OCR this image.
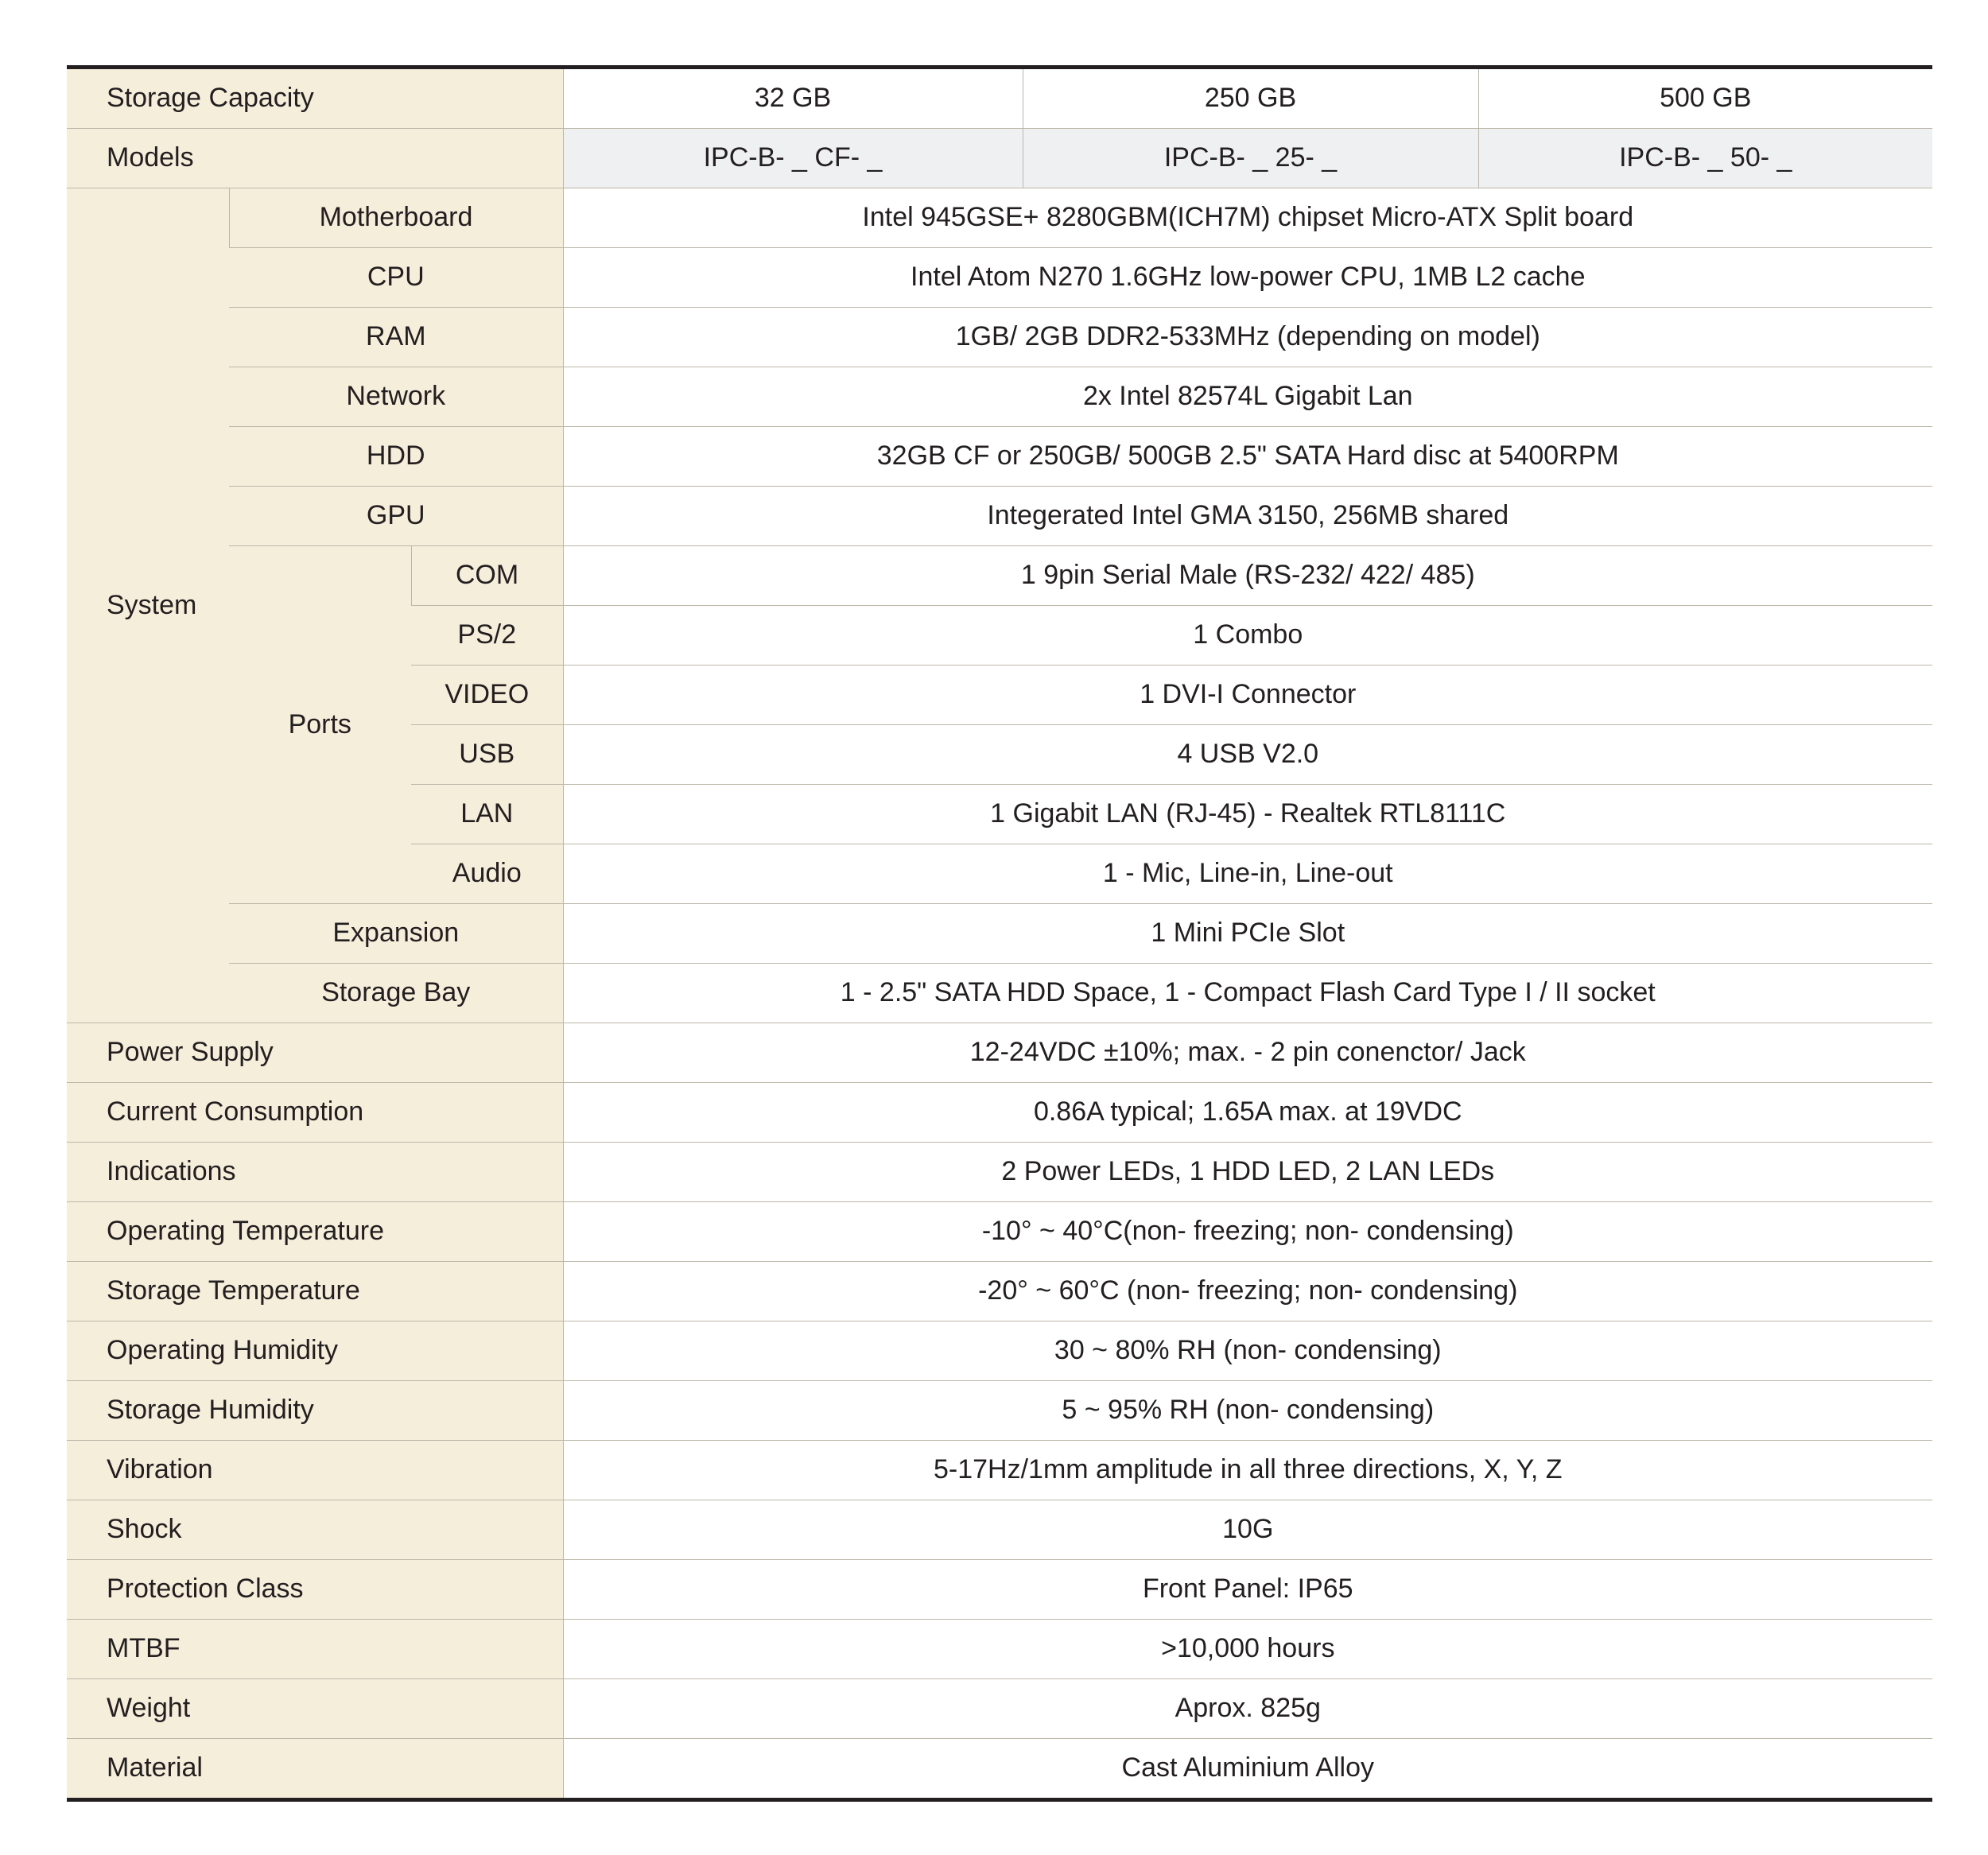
Storage Capacity			32 GB	250 GB	500 GB
Models			IPC-B- _ CF- _	IPC-B- _ 25- _	IPC-B- _ 50- _
System	Motherboard		Intel 945GSE+ 8280GBM(ICH7M) chipset Micro-ATX Split board		
	CPU		Intel Atom N270 1.6GHz low-power CPU, 1MB L2 cache		
	RAM		1GB/ 2GB DDR2-533MHz (depending on model)		
	Network		2x Intel 82574L Gigabit Lan		
	HDD		32GB CF or 250GB/ 500GB 2.5" SATA Hard disc at 5400RPM		
	GPU		Integerated Intel GMA 3150, 256MB shared		
	Ports	COM	1 9pin Serial Male (RS-232/ 422/ 485)		
		PS/2	1 Combo		
		VIDEO	1 DVI-I Connector		
		USB	4 USB V2.0		
		LAN	1 Gigabit LAN (RJ-45) - Realtek RTL8111C		
		Audio	1 - Mic, Line-in, Line-out		
	Expansion		1 Mini PCIe Slot		
	Storage Bay		1 - 2.5" SATA HDD Space, 1 - Compact Flash Card Type I / II socket		
Power Supply			12-24VDC ±10%; max. - 2 pin conenctor/ Jack		
Current Consumption			0.86A typical; 1.65A max. at 19VDC		
Indications			2 Power LEDs, 1 HDD LED, 2 LAN LEDs		
Operating Temperature			-10° ~ 40°C(non- freezing; non- condensing)		
Storage Temperature			-20° ~ 60°C (non- freezing; non- condensing)		
Operating Humidity			30 ~ 80% RH (non- condensing)		
Storage Humidity			5 ~ 95% RH (non- condensing)		
Vibration			5-17Hz/1mm amplitude in all three directions, X, Y, Z		
Shock			10G		
Protection Class			Front Panel: IP65		
MTBF			>10,000 hours		
Weight			Aprox. 825g		
Material			Cast Aluminium Alloy		
